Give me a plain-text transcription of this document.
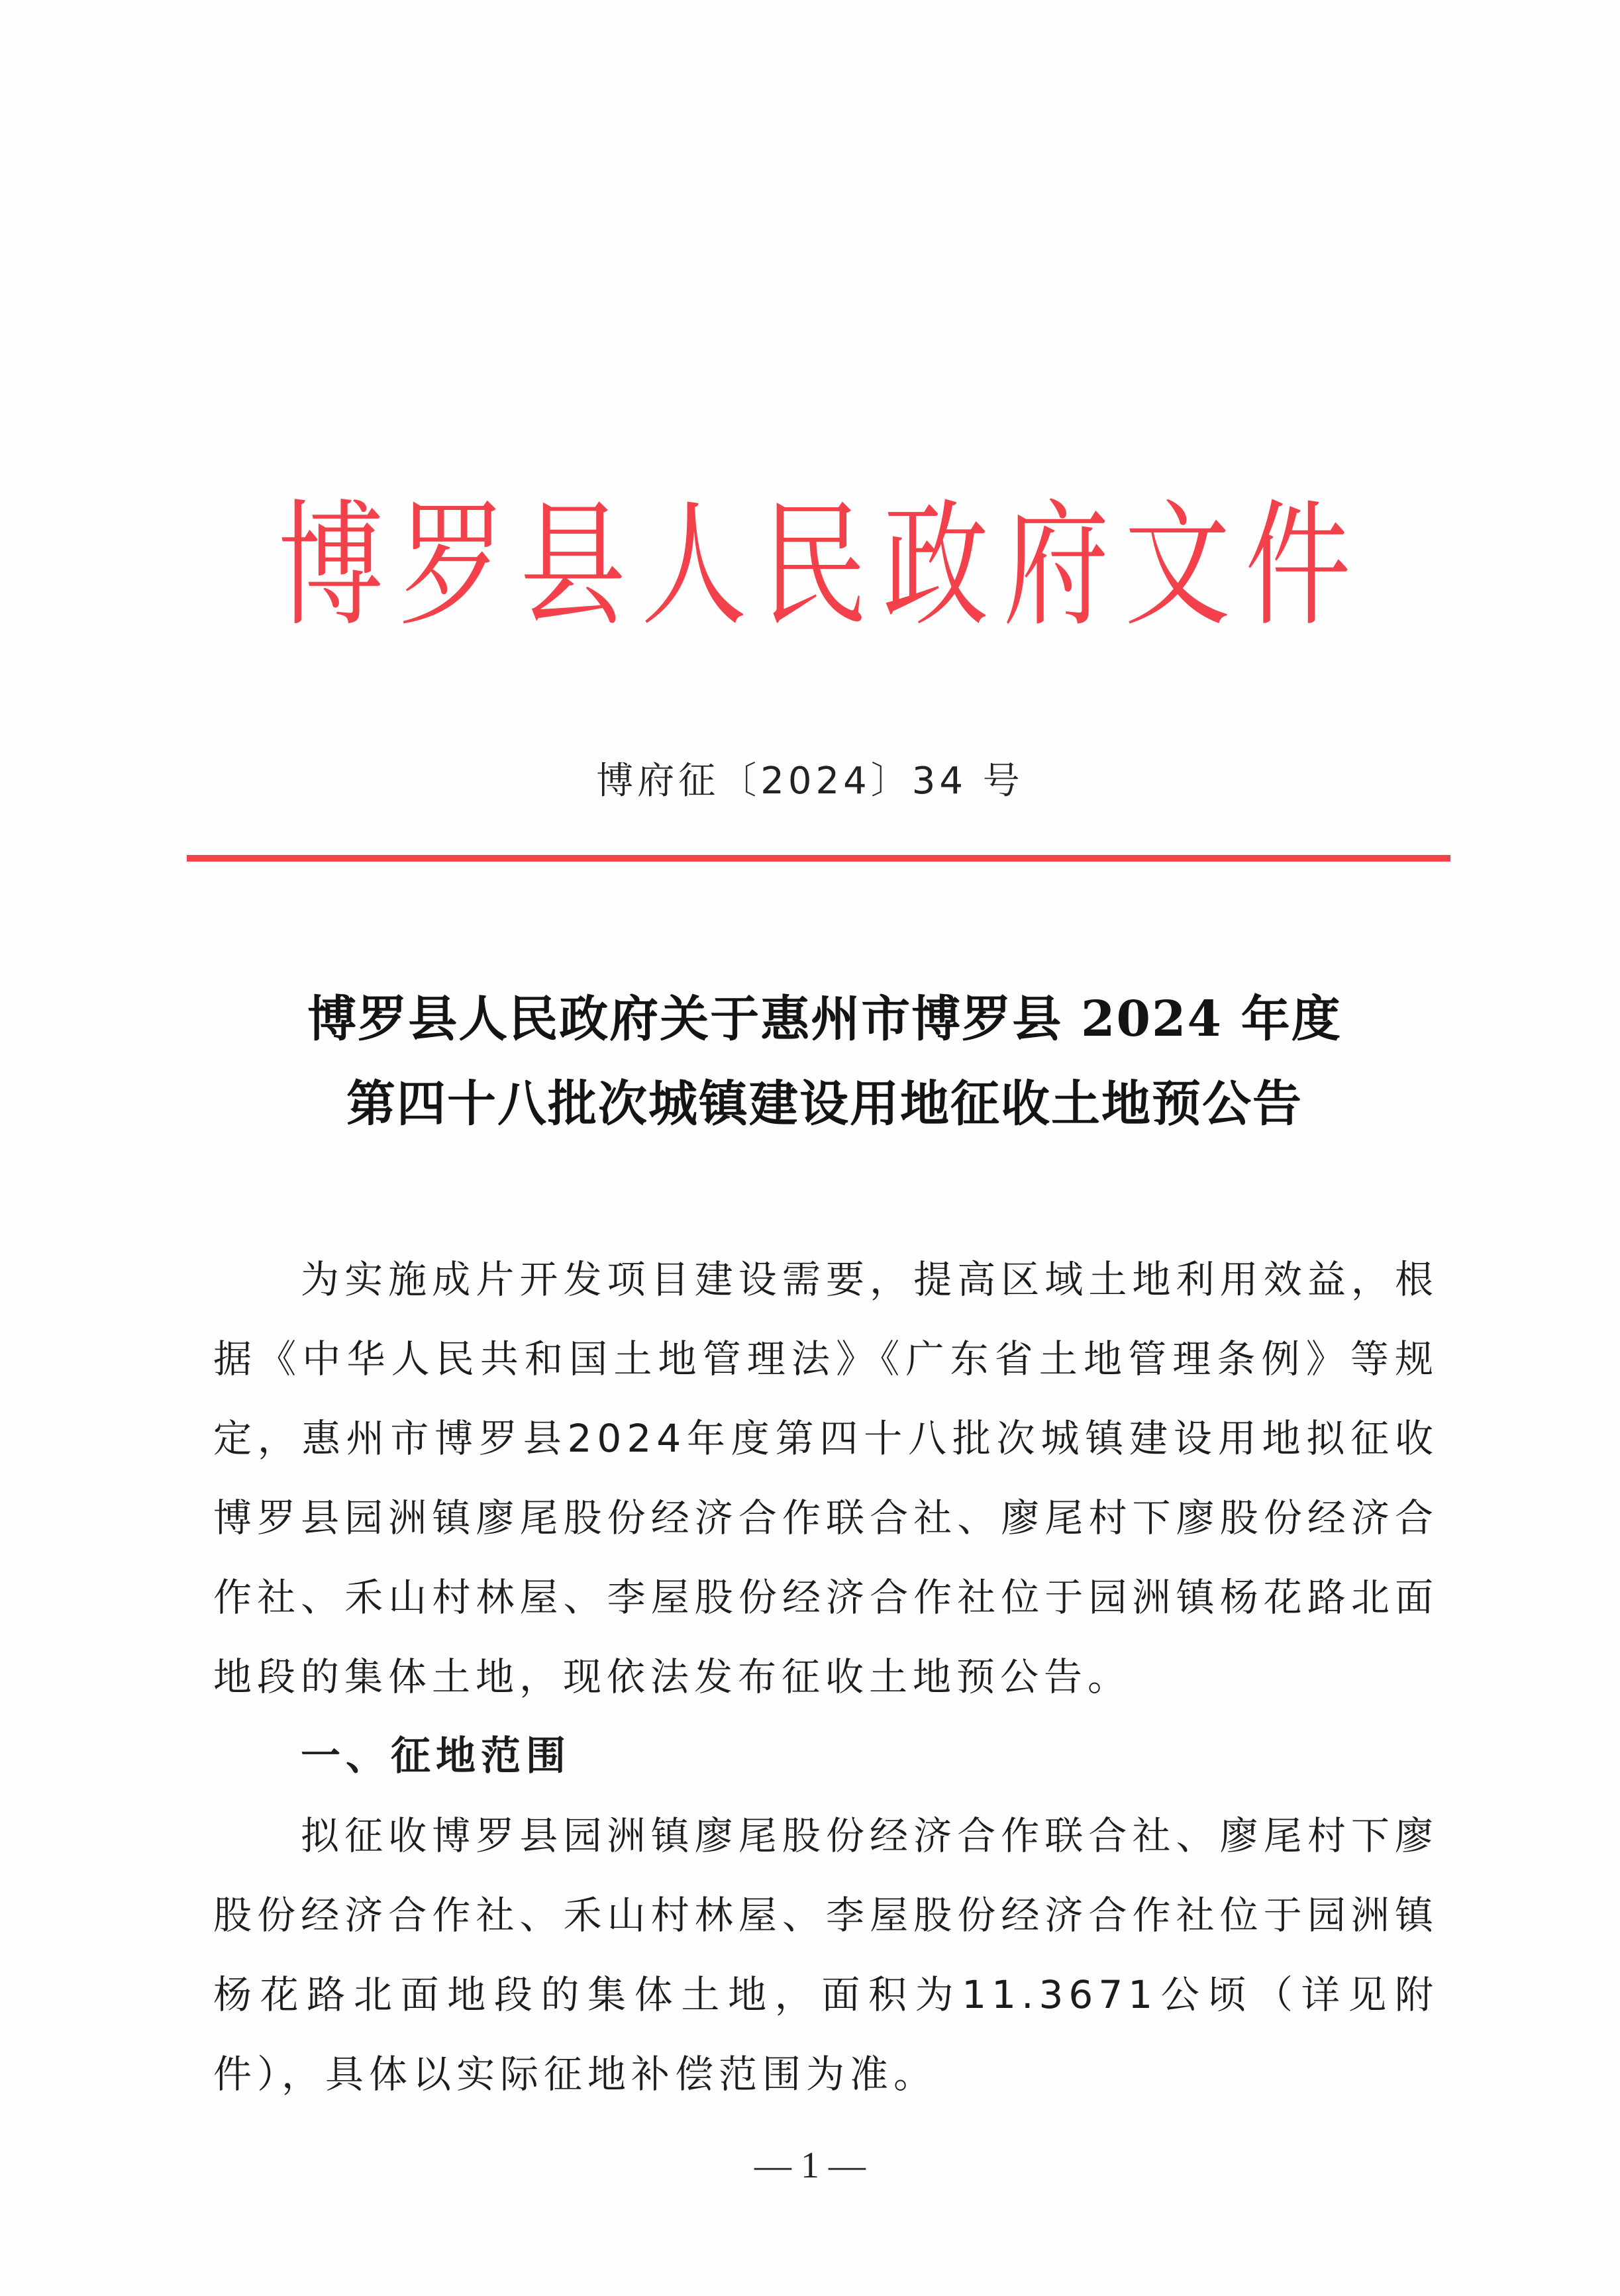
博 罗 县 人 民 政 府 文 件
博府征〔2024〕34 号
博罗县人民政府关于惠州市博罗县 2024 年度
第四十八批次城镇建设用地征收土地预公告

为实施成片开发项目建设需要，提高区域土地利用效益，根据《中华人民共和国土地管理法》《广东省土地管理条例》等规定，惠州市博罗县2024年度第四十八批次城镇建设用地拟征收博罗县园洲镇廖尾股份经济合作联合社、廖尾村下廖股份经济合作社、禾山村林屋、李屋股份经济合作社位于园洲镇杨花路北面地段的集体土地，现依法发布征收土地预公告。

一、征地范围

拟征收博罗县园洲镇廖尾股份经济合作联合社、廖尾村下廖股份经济合作社、禾山村林屋、李屋股份经济合作社位于园洲镇杨花路北面地段的集体土地，面积为11.3671公顷（详见附件），具体以实际征地补偿范围为准。

— 1 —
